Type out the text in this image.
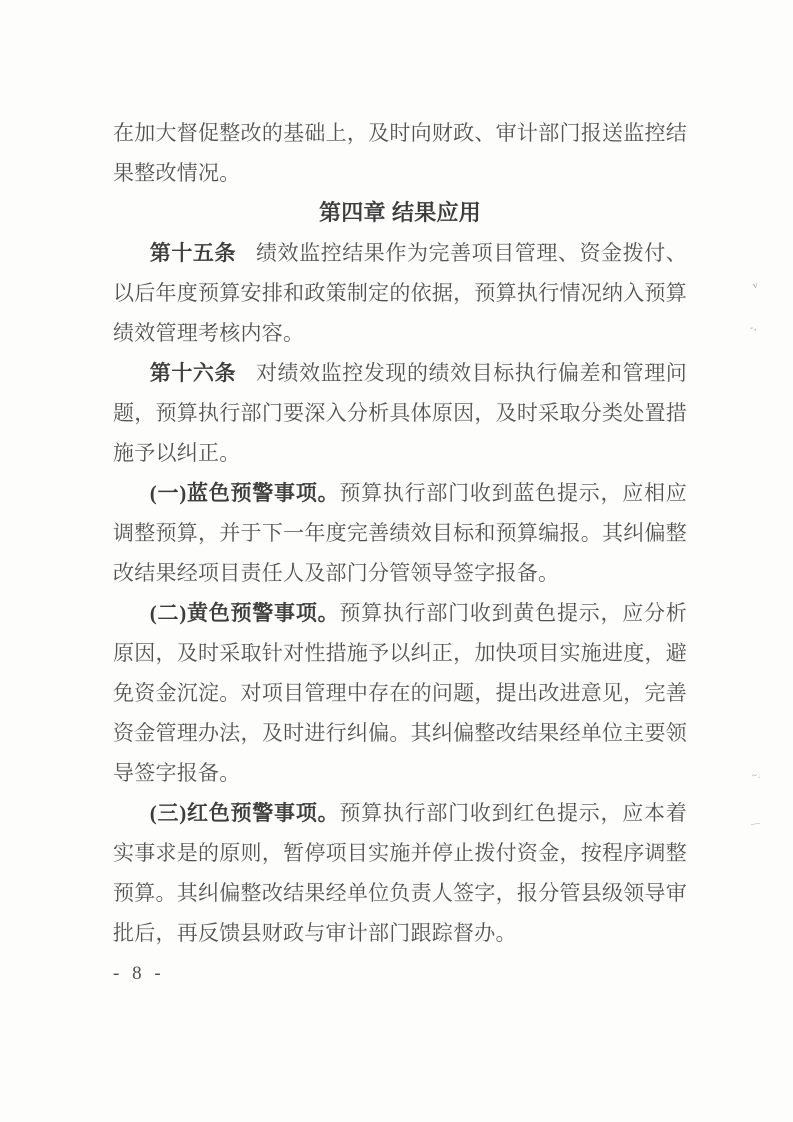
在加大督促整改的基础上，及时向财政、审计部门报送监控结果整改情况。

第四章 结果应用

第十五条 绩效监控结果作为完善项目管理、资金拨付、以后年度预算安排和政策制定的依据，预算执行情况纳入预算绩效管理考核内容。

第十六条 对绩效监控发现的绩效目标执行偏差和管理问题，预算执行部门要深入分析具体原因，及时采取分类处置措施予以纠正。

(一)蓝色预警事项。预算执行部门收到蓝色提示，应相应调整预算，并于下一年度完善绩效目标和预算编报。其纠偏整改结果经项目责任人及部门分管领导签字报备。

(二)黄色预警事项。预算执行部门收到黄色提示，应分析原因，及时采取针对性措施予以纠正，加快项目实施进度，避免资金沉淀。对项目管理中存在的问题，提出改进意见，完善资金管理办法，及时进行纠偏。其纠偏整改结果经单位主要领导签字报备。

(三)红色预警事项。预算执行部门收到红色提示，应本着实事求是的原则，暂停项目实施并停止拨付资金，按程序调整预算。其纠偏整改结果经单位负责人签字，报分管县级领导审批后，再反馈县财政与审计部门跟踪督办。

- 8 -
v
- ,
~ .
―
